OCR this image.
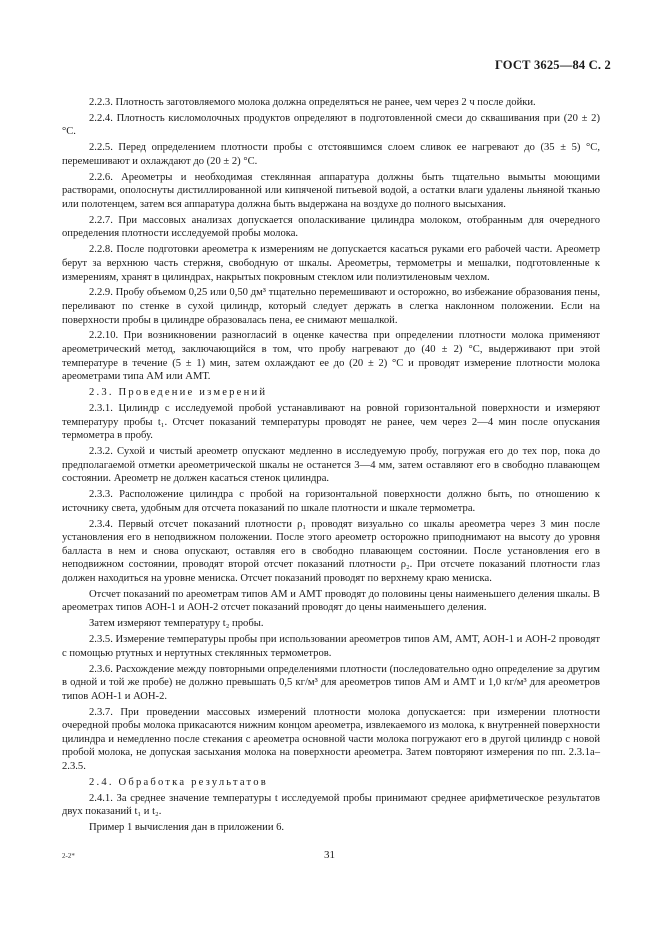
ГОСТ 3625—84 С. 2

2.2.3. Плотность заготовляемого молока должна определяться не ранее, чем через 2 ч после дойки.

2.2.4. Плотность кисломолочных продуктов определяют в подготовленной смеси до сквашивания при (20 ± 2) °С.

2.2.5. Перед определением плотности пробы с отстоявшимся слоем сливок ее нагревают до (35 ± 5) °С, перемешивают и охлаждают до (20 ± 2) °С.

2.2.6. Ареометры и необходимая стеклянная аппаратура должны быть тщательно вымыты моющими растворами, ополоснуты дистиллированной или кипяченой питьевой водой, а остатки влаги удалены льняной тканью или полотенцем, затем вся аппаратура должна быть выдержана на воздухе до полного высыхания.

2.2.7. При массовых анализах допускается ополаскивание цилиндра молоком, отобранным для очередного определения плотности исследуемой пробы молока.

2.2.8. После подготовки ареометра к измерениям не допускается касаться руками его рабочей части. Ареометр берут за верхнюю часть стержня, свободную от шкалы. Ареометры, термометры и мешалки, подготовленные к измерениям, хранят в цилиндрах, накрытых покровным стеклом или полиэтиленовым чехлом.

2.2.9. Пробу объемом 0,25 или 0,50 дм³ тщательно перемешивают и осторожно, во избежание образования пены, переливают по стенке в сухой цилиндр, который следует держать в слегка наклонном положении. Если на поверхности пробы в цилиндре образовалась пена, ее снимают мешалкой.

2.2.10. При возникновении разногласий в оценке качества при определении плотности молока применяют ареометрический метод, заключающийся в том, что пробу нагревают до (40 ± 2) °С, выдерживают при этой температуре в течение (5 ± 1) мин, затем охлаждают ее до (20 ± 2) °С и проводят измерение плотности молока ареометрами типа АМ или АМТ.

2.3. Проведение измерений

2.3.1. Цилиндр с исследуемой пробой устанавливают на ровной горизонтальной поверхности и измеряют температуру пробы t₁. Отсчет показаний температуры проводят не ранее, чем через 2—4 мин после опускания термометра в пробу.

2.3.2. Сухой и чистый ареометр опускают медленно в исследуемую пробу, погружая его до тех пор, пока до предполагаемой отметки ареометрической шкалы не останется 3—4 мм, затем оставляют его в свободно плавающем состоянии. Ареометр не должен касаться стенок цилиндра.

2.3.3. Расположение цилиндра с пробой на горизонтальной поверхности должно быть, по отношению к источнику света, удобным для отсчета показаний по шкале плотности и шкале термометра.

2.3.4. Первый отсчет показаний плотности ρ₁ проводят визуально со шкалы ареометра через 3 мин после установления его в неподвижном положении. После этого ареометр осторожно приподнимают на высоту до уровня балласта в нем и снова опускают, оставляя его в свободно плавающем состоянии. После установления его в неподвижном состоянии, проводят второй отсчет показаний плотности ρ₂. При отсчете показаний плотности глаз должен находиться на уровне мениска. Отсчет показаний проводят по верхнему краю мениска.

Отсчет показаний по ареометрам типов АМ и АМТ проводят до половины цены наименьшего деления шкалы. В ареометрах типов АОН-1 и АОН-2 отсчет показаний проводят до цены наименьшего деления.

Затем измеряют температуру t₂ пробы.

2.3.5. Измерение температуры пробы при использовании ареометров типов АМ, АМТ, АОН-1 и АОН-2 проводят с помощью ртутных и нертутных стеклянных термометров.

2.3.6. Расхождение между повторными определениями плотности (последовательно одно определение за другим в одной и той же пробе) не должно превышать 0,5 кг/м³ для ареометров типов АМ и АМТ и 1,0 кг/м³ для ареометров типов АОН-1 и АОН-2.

2.3.7. При проведении массовых измерений плотности молока допускается: при измерении плотности очередной пробы молока прикасаются нижним концом ареометра, извлекаемого из молока, к внутренней поверхности цилиндра и немедленно после стекания с ареометра основной части молока погружают его в другой цилиндр с новой пробой молока, не допуская засыхания молока на поверхности ареометра. Затем повторяют измерения по пп. 2.3.1а–2.3.5.

2.4. Обработка результатов

2.4.1. За среднее значение температуры t исследуемой пробы принимают среднее арифметическое результатов двух показаний t₁ и t₂.

Пример 1 вычисления дан в приложении 6.

2-2*	31
